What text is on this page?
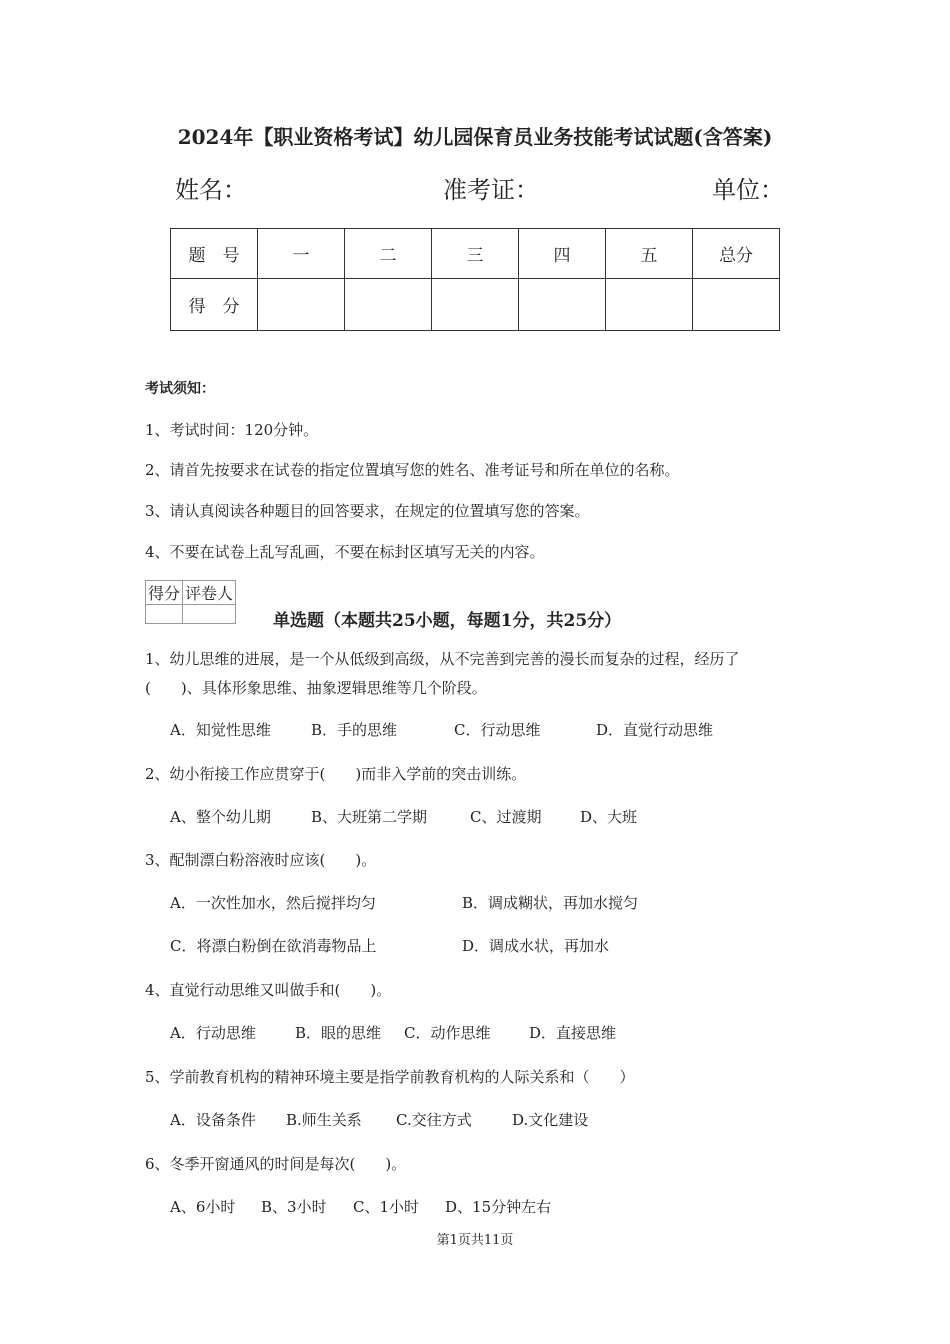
2024年【职业资格考试】幼儿园保育员业务技能考试试题(含答案)
姓名：	准考证：	单位：
题　号	一	二	三	四	五	总分
得　分						
考试须知：
1、考试时间：120分钟。
2、请首先按要求在试卷的指定位置填写您的姓名、准考证号和所在单位的名称。
3、请认真阅读各种题目的回答要求，在规定的位置填写您的答案。
4、不要在试卷上乱写乱画，不要在标封区填写无关的内容。
得分	评卷人

单选题（本题共25小题，每题1分，共25分）
1、幼儿思维的进展，是一个从低级到高级，从不完善到完善的漫长而复杂的过程，经历了
(　　)、具体形象思维、抽象逻辑思维等几个阶段。
A．知觉性思维	B．手的思维	C．行动思维	D．直觉行动思维
2、幼小衔接工作应贯穿于(　　)而非入学前的突击训练。
A、整个幼儿期	B、大班第二学期	C、过渡期	D、大班
3、配制漂白粉溶液时应该(　　)。
A．一次性加水，然后搅拌均匀	B．调成糊状，再加水搅匀
C．将漂白粉倒在欲消毒物品上	D．调成水状，再加水
4、直觉行动思维又叫做手和(　　)。
A．行动思维	B．眼的思维 C．动作思维	D．直接思维
5、学前教育机构的精神环境主要是指学前教育机构的人际关系和（　　）
A．设备条件 B.师生关系 C.交往方式	D.文化建设
6、冬季开窗通风的时间是每次(　　)。
A、6小时 B、3小时 C、1小时 D、15分钟左右
第1页共11页
